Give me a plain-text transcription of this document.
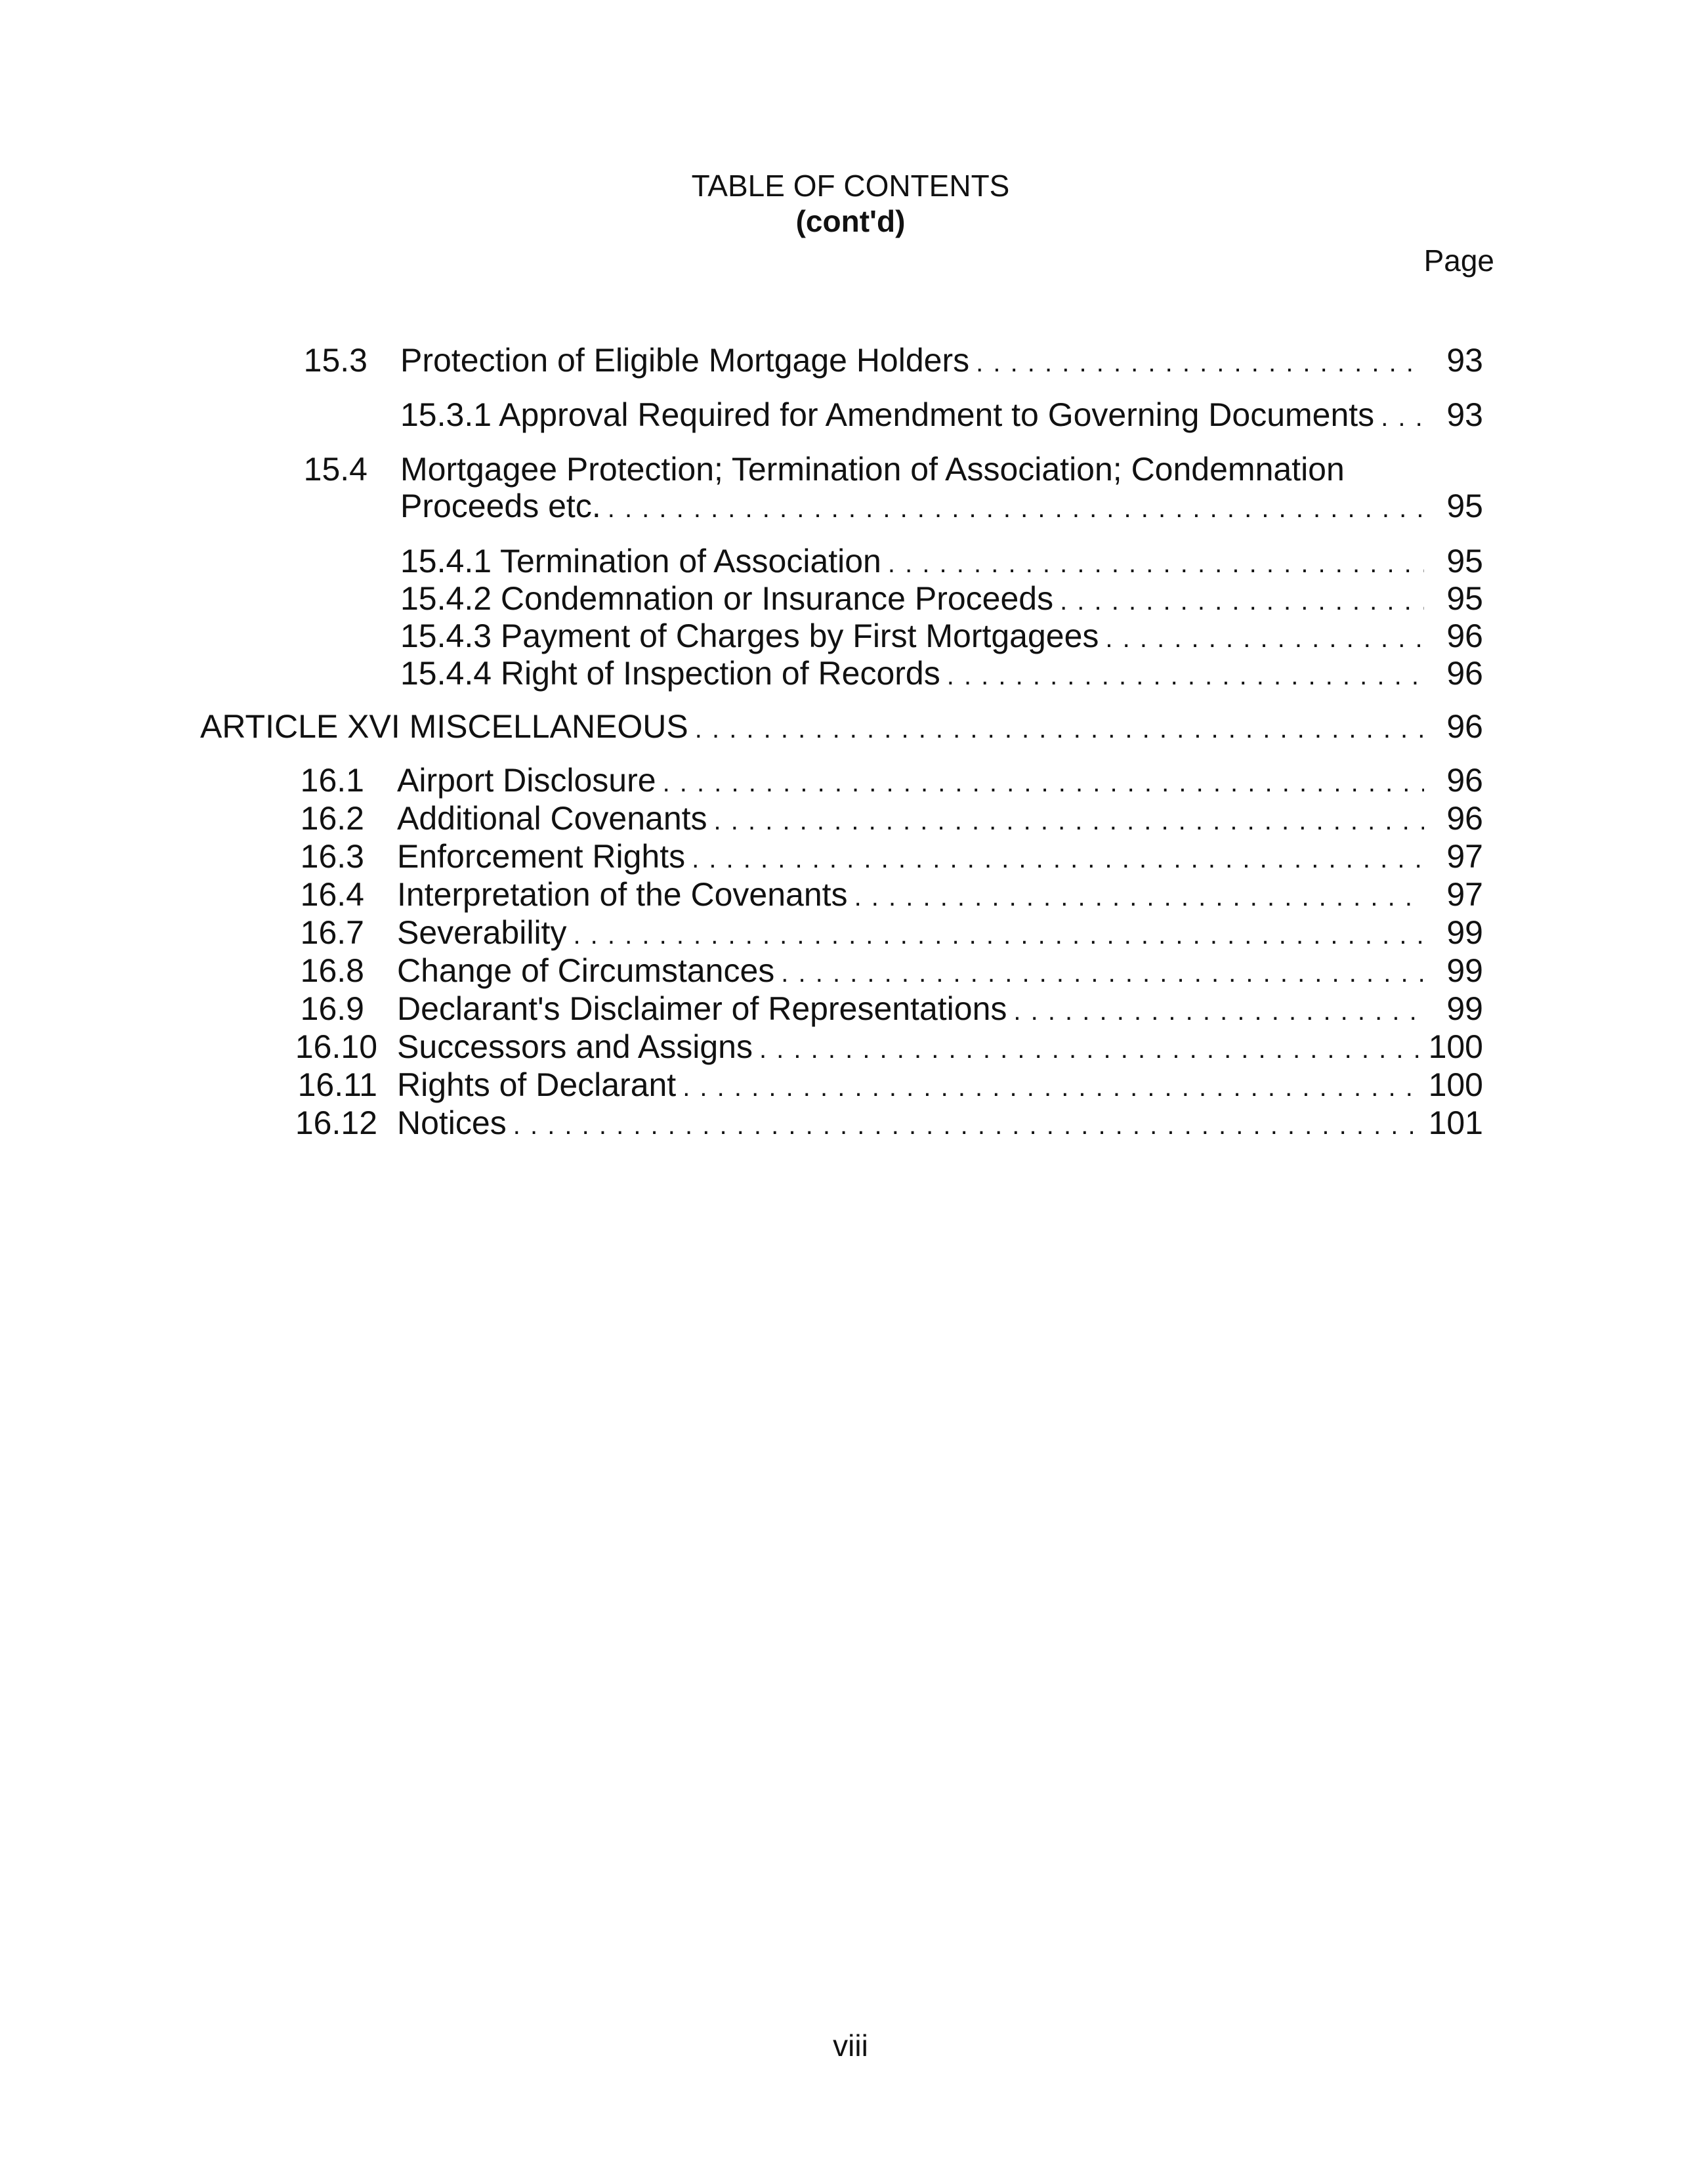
TABLE OF CONTENTS
(cont'd)
Page
15.3 Protection of Eligible Mortgage Holders . . .	93
15.3.1 Approval Required for Amendment to Governing Documents . . .	93
15.4 Mortgagee Protection; Termination of Association; Condemnation
Proceeds etc. . . .	95
15.4.1 Termination of Association . . .	95
15.4.2 Condemnation or Insurance Proceeds . . .	95
15.4.3 Payment of Charges by First Mortgagees . . .	96
15.4.4 Right of Inspection of Records . . .	96
ARTICLE XVI MISCELLANEOUS . . .	96
16.1 Airport Disclosure . . .	96
16.2 Additional Covenants . . .	96
16.3 Enforcement Rights . . .	97
16.4 Interpretation of the Covenants . . .	97
16.7 Severability . . .	99
16.8 Change of Circumstances . . .	99
16.9 Declarant's Disclaimer of Representations . . .	99
16.10 Successors and Assigns . . .	100
16.11 Rights of Declarant . . .	100
16.12 Notices . . .	101
viii
